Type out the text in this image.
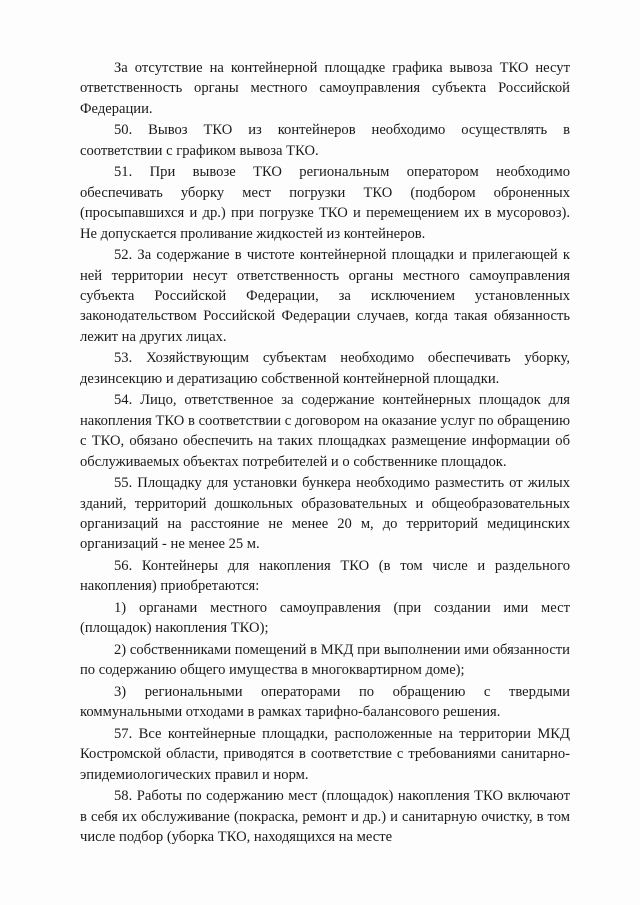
За отсутствие на контейнерной площадке графика вывоза ТКО несут ответственность органы местного самоуправления субъекта Российской Федерации.

50. Вывоз ТКО из контейнеров необходимо осуществлять в соответствии с графиком вывоза ТКО.

51. При вывозе ТКО региональным оператором необходимо обеспечивать уборку мест погрузки ТКО (подбором оброненных (просыпавшихся и др.) при погрузке ТКО и перемещением их в мусоровоз). Не допускается проливание жидкостей из контейнеров.

52. За содержание в чистоте контейнерной площадки и прилегающей к ней территории несут ответственность органы местного самоуправления субъекта Российской Федерации, за исключением установленных законодательством Российской Федерации случаев, когда такая обязанность лежит на других лицах.

53. Хозяйствующим субъектам необходимо обеспечивать уборку, дезинсекцию и дератизацию собственной контейнерной площадки.

54. Лицо, ответственное за содержание контейнерных площадок для накопления ТКО в соответствии с договором на оказание услуг по обращению с ТКО, обязано обеспечить на таких площадках размещение информации об обслуживаемых объектах потребителей и о собственнике площадок.

55. Площадку для установки бункера необходимо разместить от жилых зданий, территорий дошкольных образовательных и общеобразовательных организаций на расстояние не менее 20 м, до территорий медицинских организаций - не менее 25 м.

56. Контейнеры для накопления ТКО (в том числе и раздельного накопления) приобретаются:

1) органами местного самоуправления (при создании ими мест (площадок) накопления ТКО);

2) собственниками помещений в МКД при выполнении ими обязанности по содержанию общего имущества в многоквартирном доме);

3) региональными операторами по обращению с твердыми коммунальными отходами в рамках тарифно-балансового решения.

57. Все контейнерные площадки, расположенные на территории МКД Костромской области, приводятся в соответствие с требованиями санитарно-эпидемиологических правил и норм.

58. Работы по содержанию мест (площадок) накопления ТКО включают в себя их обслуживание (покраска, ремонт и др.) и санитарную очистку, в том числе подбор (уборка ТКО, находящихся на месте
